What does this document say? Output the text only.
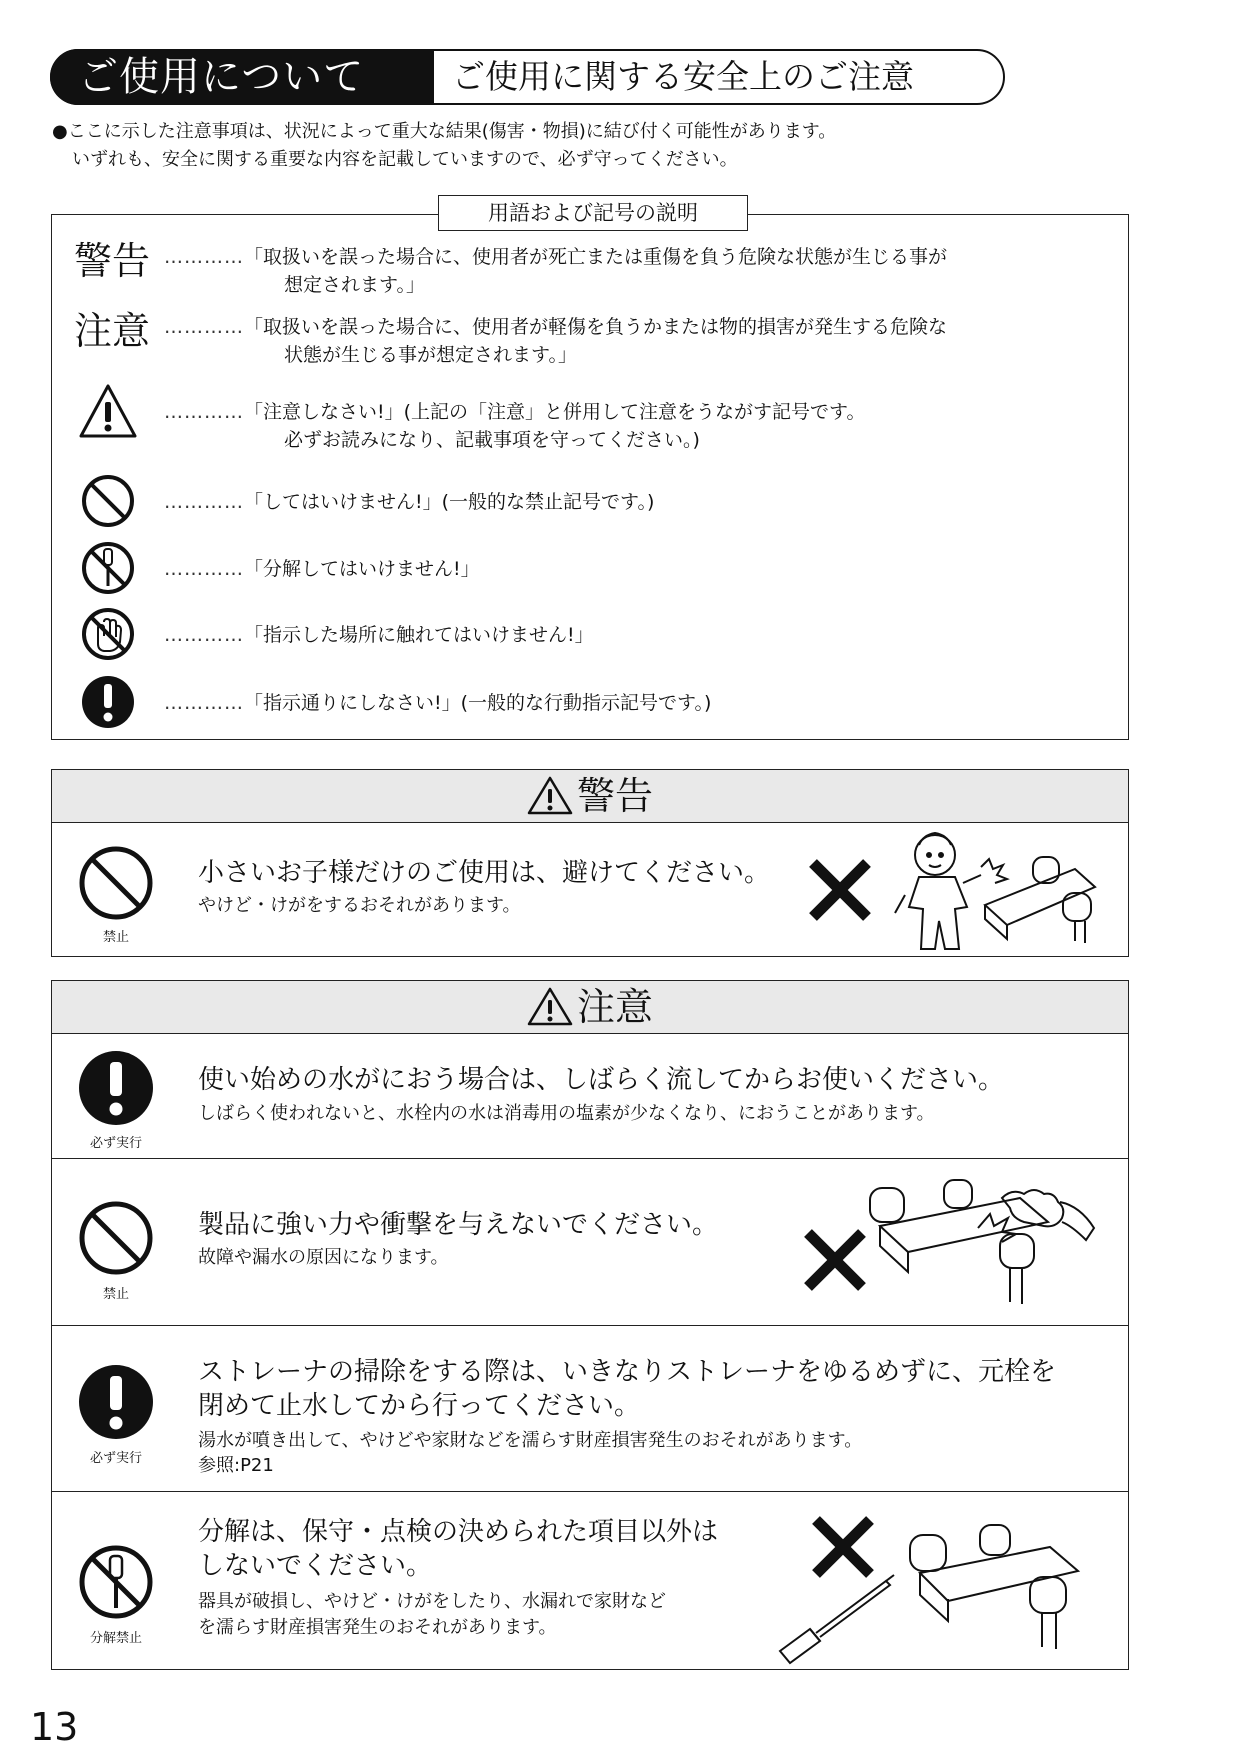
ご使用について	ご使用に関する安全上のご注意
●ここに示した注意事項は、状況によって重大な結果(傷害・物損)に結び付く可能性があります。
いずれも、安全に関する重要な内容を記載していますので、必ず守ってください。
用語および記号の説明
警告 …………「取扱いを誤った場合に、使用者が死亡または重傷を負う危険な状態が生じる事が
想定されます。」
注意 …………「取扱いを誤った場合に、使用者が軽傷を負うかまたは物的損害が発生する危険な
状態が生じる事が想定されます。」
…………「注意しなさい!」(上記の「注意」と併用して注意をうながす記号です。
必ずお読みになり、記載事項を守ってください。)
…………「してはいけません!」(一般的な禁止記号です。)
…………「分解してはいけません!」
…………「指示した場所に触れてはいけません!」
…………「指示通りにしなさい!」(一般的な行動指示記号です。)
警告
禁止
小さいお子様だけのご使用は、避けてください。
やけど・けがをするおそれがあります。
注意
必ず実行
使い始めの水がにおう場合は、しばらく流してからお使いください。
しばらく使われないと、水栓内の水は消毒用の塩素が少なくなり、におうことがあります。
禁止
製品に強い力や衝撃を与えないでください。
故障や漏水の原因になります。
必ず実行
ストレーナの掃除をする際は、いきなりストレーナをゆるめずに、元栓を
閉めて止水してから行ってください。
湯水が噴き出して、やけどや家財などを濡らす財産損害発生のおそれがあります。
参照:P21
分解禁止
分解は、保守・点検の決められた項目以外は
しないでください。
器具が破損し、やけど・けがをしたり、水漏れで家財など
を濡らす財産損害発生のおそれがあります。
13
